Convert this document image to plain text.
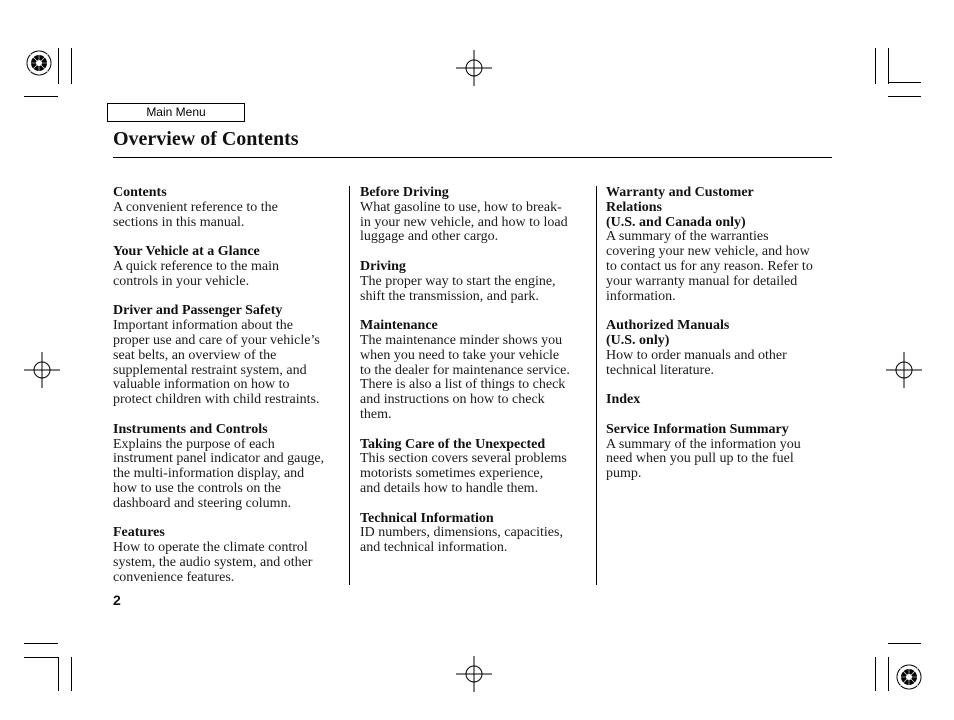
Main Menu
Overview of Contents
Contents
A convenient reference to the
sections in this manual.
Your Vehicle at a Glance
A quick reference to the main
controls in your vehicle.
Driver and Passenger Safety
Important information about the
proper use and care of your vehicle’s
seat belts, an overview of the
supplemental restraint system, and
valuable information on how to
protect children with child restraints.
Instruments and Controls
Explains the purpose of each
instrument panel indicator and gauge,
the multi-information display, and
how to use the controls on the
dashboard and steering column.
Features
How to operate the climate control
system, the audio system, and other
convenience features.
Before Driving
What gasoline to use, how to break-
in your new vehicle, and how to load
luggage and other cargo.
Driving
The proper way to start the engine,
shift the transmission, and park.
Maintenance
The maintenance minder shows you
when you need to take your vehicle
to the dealer for maintenance service.
There is also a list of things to check
and instructions on how to check
them.
Taking Care of the Unexpected
This section covers several problems
motorists sometimes experience,
and details how to handle them.
Technical Information
ID numbers, dimensions, capacities,
and technical information.
Warranty and Customer
Relations
(U.S. and Canada only)
A summary of the warranties
covering your new vehicle, and how
to contact us for any reason. Refer to
your warranty manual for detailed
information.
Authorized Manuals
(U.S. only)
How to order manuals and other
technical literature.
Index
Service Information Summary
A summary of the information you
need when you pull up to the fuel
pump.
2
